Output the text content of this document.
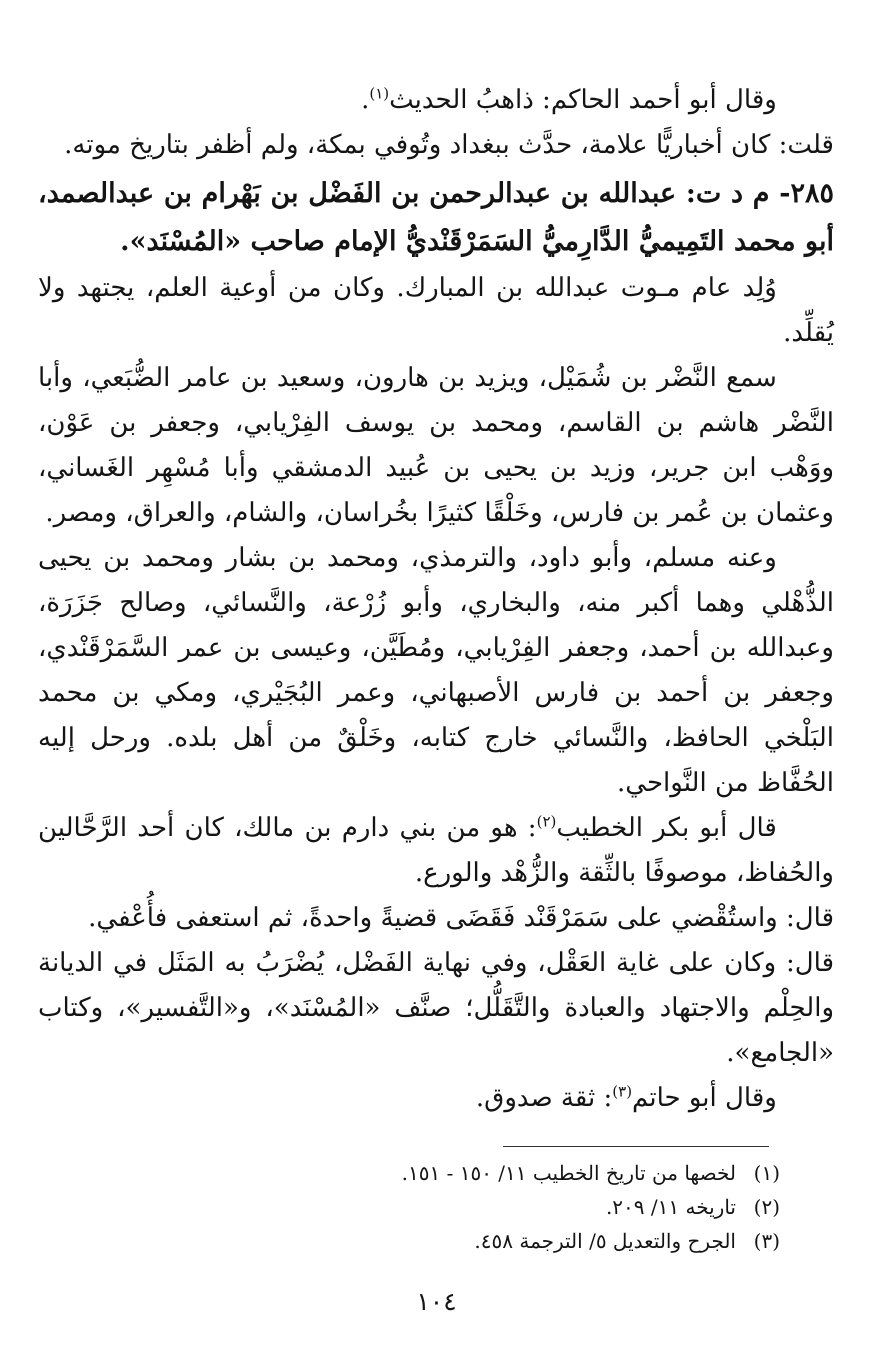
وقال أبو أحمد الحاكم: ذاهبُ الحديث$^{(١)}$.

قلت: كان أخباريًّا علامة، حدَّث ببغداد وتُوفي بمكة، ولم أظفر بتاريخ موته.

٢٨٥- م د ت: عبدالله بن عبدالرحمن بن الفَضْل بن بَهْرام بن عبدالصمد، أبو محمد التَمِيميُّ الدَّارِميُّ السَمَرْقَنْديُّ الإمام صاحب «المُسْنَد».

وُلِد عام مـوت عبدالله بن المبارك. وكان من أوعية العلم، يجتهد ولا يُقلِّد.

سمع النَّضْر بن شُمَيْل، ويزيد بن هارون، وسعيد بن عامر الضُّبَعي، وأبا النَّضْر هاشم بن القاسم، ومحمد بن يوسف الفِرْيابي، وجعفر بن عَوْن، ووَهْب ابن جرير، وزيد بن يحيى بن عُبيد الدمشقي وأبا مُسْهِر الغَساني، وعثمان بن عُمر بن فارس، وخَلْقًا كثيرًا بخُراسان، والشام، والعراق، ومصر.

وعنه مسلم، وأبو داود، والترمذي، ومحمد بن بشار ومحمد بن يحيى الذُّهْلي وهما أكبر منه، والبخاري، وأبو زُرْعة، والنَّسائي، وصالح جَزَرَة، وعبدالله بن أحمد، وجعفر الفِرْيابي، ومُطَيَّن، وعيسى بن عمر السَّمَرْقَنْدي، وجعفر بن أحمد بن فارس الأصبهاني، وعمر البُجَيْري، ومكي بن محمد البَلْخي الحافظ، والنَّسائي خارج كتابه، وخَلْقٌ من أهل بلده. ورحل إليه الحُفَّاظ من النَّواحي.

قال أبو بكر الخطيب$^{(٢)}$: هو من بني دارم بن مالك، كان أحد الرَّحَّالين والحُفاظ، موصوفًا بالثِّقة والزُّهْد والورع.

قال: واستُقْضي على سَمَرْقَنْد فَقَضَى قضيةً واحدةً، ثم استعفى فأُعْفي.

قال: وكان على غاية العَقْل، وفي نهاية الفَضْل، يُضْرَبُ به المَثَل في الديانة والحِلْم والاجتهاد والعبادة والتَّقَلُّل؛ صنَّف «المُسْنَد»، و«التَّفسير»، وكتاب «الجامع».

وقال أبو حاتم$^{(٣)}$: ثقة صدوق.

(١)لخصها من تاريخ الخطيب ١١/ ١٥٠ - ١٥١.
(٢)تاريخه ١١/ ٢٠٩.
(٣)الجرح والتعديل ٥/ الترجمة ٤٥٨.
١٠٤
